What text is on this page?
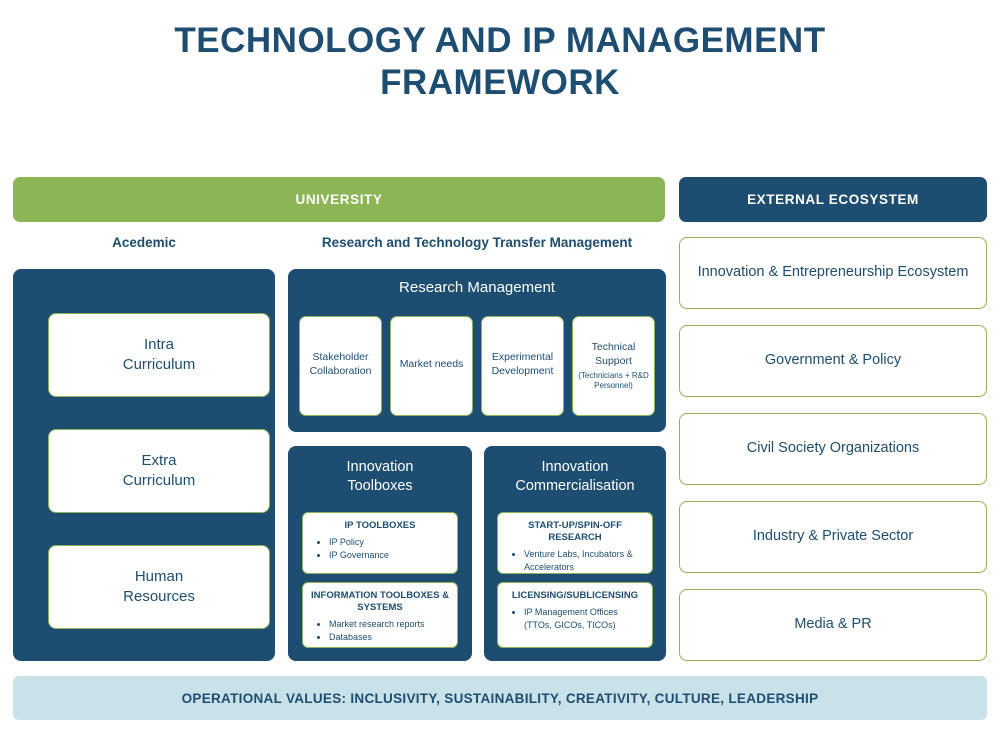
TECHNOLOGY AND IP MANAGEMENT FRAMEWORK
UNIVERSITY	EXTERNAL ECOSYSTEM
Acedemic	Research and Technology Transfer Management
Intra
Curriculum
Extra
Curriculum
Human
Resources
Research Management
Stakeholder Collaboration
Market needs
Experimental Development
Technical Support
(Technicians + R&D Personnel)
Innovation
Toolboxes
IP TOOLBOXES
• IP Policy
• IP Governance
INFORMATION TOOLBOXES & SYSTEMS
• Market research reports
• Databases
Innovation
Commercialisation
START-UP/SPIN-OFF RESEARCH
• Venture Labs, Incubators & Accelerators
LICENSING/SUBLICENSING
• IP Management Offices (TTOs, GICOs, TICOs)
Innovation & Entrepreneurship Ecosystem
Government & Policy
Civil Society Organizations
Industry & Private Sector
Media & PR
OPERATIONAL VALUES: INCLUSIVITY, SUSTAINABILITY, CREATIVITY, CULTURE, LEADERSHIP
